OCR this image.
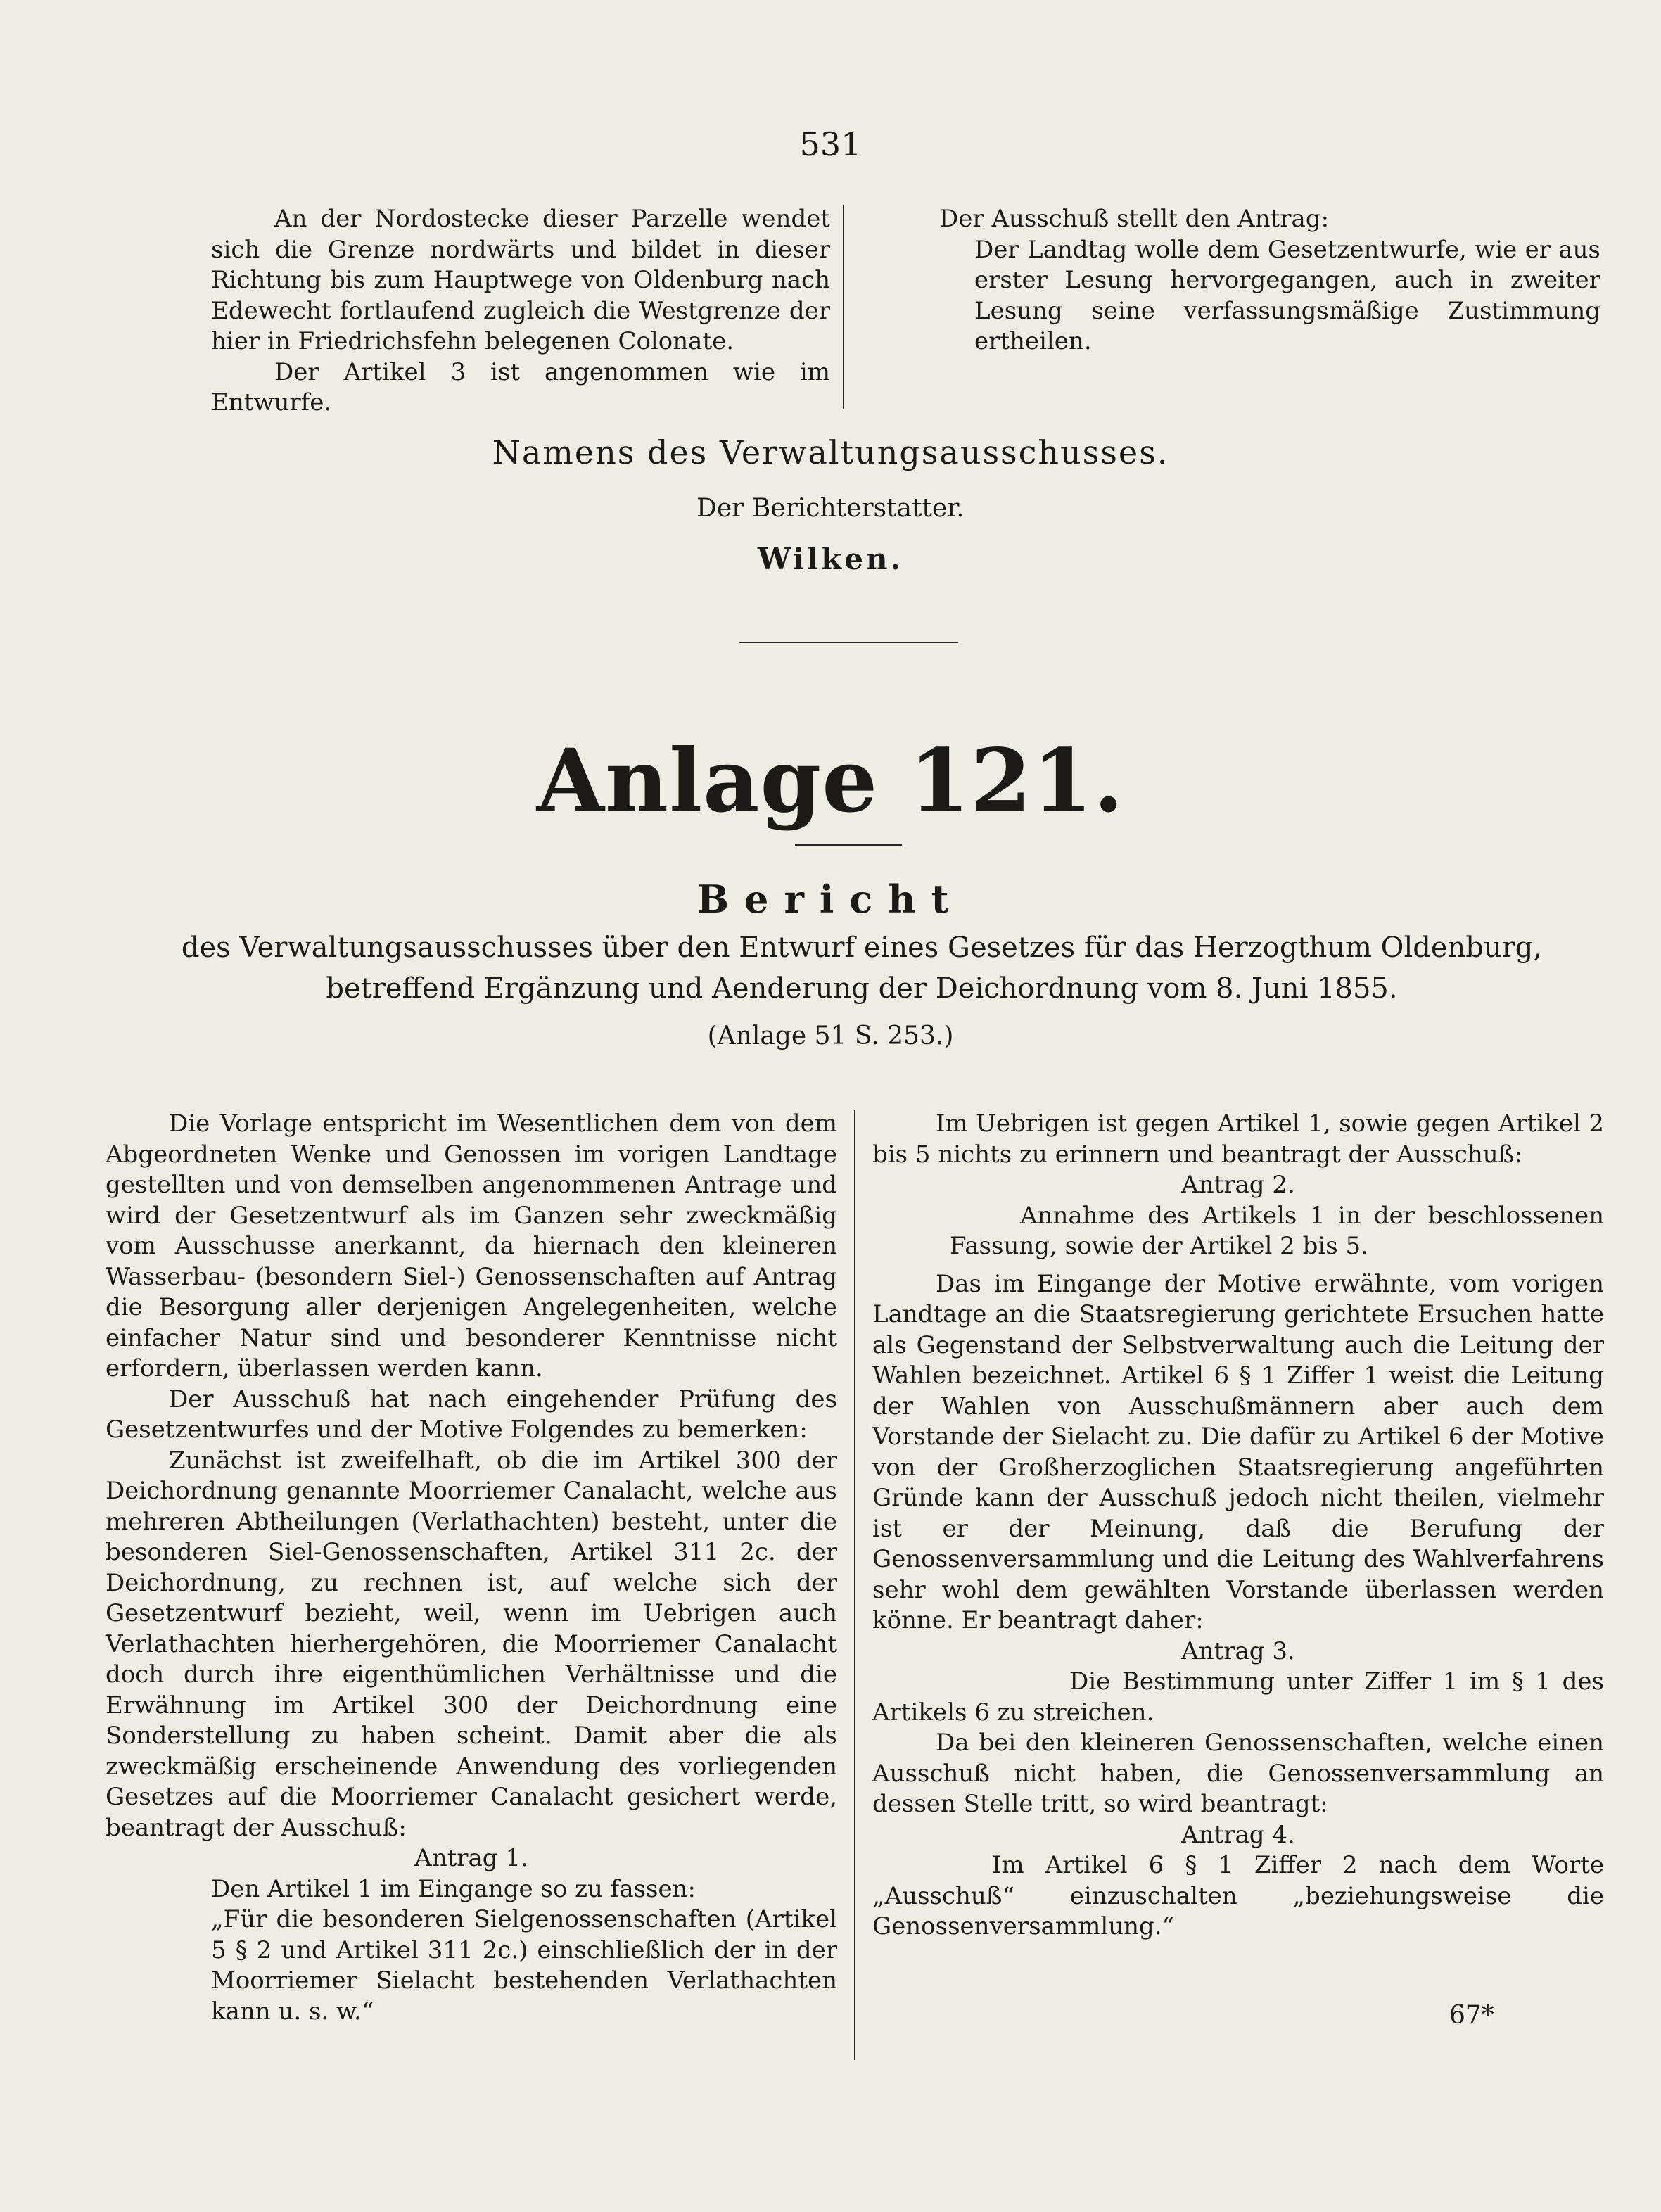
531

An der Nordostecke dieser Parzelle wendet sich die Grenze nordwärts und bildet in dieser Richtung bis zum Hauptwege von Oldenburg nach Edewecht fortlaufend zugleich die Westgrenze der hier in Friedrichsfehn belegenen Colonate.

Der Artikel 3 ist angenommen wie im Entwurfe.

Der Ausschuß stellt den Antrag:

Der Landtag wolle dem Gesetzentwurfe, wie er aus erster Lesung hervorgegangen, auch in zweiter Lesung seine verfassungsmäßige Zustimmung ertheilen.

Namens des Verwaltungsausschusses.
Der Berichterstatter.
Wilken.
Anlage 121.
Bericht
des Verwaltungsausschusses über den Entwurf eines Gesetzes für das Herzogthum Oldenburg, betreffend Ergänzung und Aenderung der Deichordnung vom 8. Juni 1855.
(Anlage 51 S. 253.)

Die Vorlage entspricht im Wesentlichen dem von dem Abgeordneten Wenke und Genossen im vorigen Landtage gestellten und von demselben angenommenen Antrage und wird der Gesetzentwurf als im Ganzen sehr zweckmäßig vom Ausschusse anerkannt, da hiernach den kleineren Wasserbau- (besondern Siel-) Genossenschaften auf Antrag die Besorgung aller derjenigen Angelegenheiten, welche einfacher Natur sind und besonderer Kenntnisse nicht erfordern, überlassen werden kann.

Der Ausschuß hat nach eingehender Prüfung des Gesetzentwurfes und der Motive Folgendes zu bemerken:

Zunächst ist zweifelhaft, ob die im Artikel 300 der Deichordnung genannte Moorriemer Canalacht, welche aus mehreren Abtheilungen (Verlathachten) besteht, unter die besonderen Siel-Genossenschaften, Artikel 311 2c. der Deichordnung, zu rechnen ist, auf welche sich der Gesetzentwurf bezieht, weil, wenn im Uebrigen auch Verlathachten hierhergehören, die Moorriemer Canalacht doch durch ihre eigenthümlichen Verhältnisse und die Erwähnung im Artikel 300 der Deichordnung eine Sonderstellung zu haben scheint. Damit aber die als zweckmäßig erscheinende Anwendung des vorliegenden Gesetzes auf die Moorriemer Canalacht gesichert werde, beantragt der Ausschuß:

Antrag 1.

Den Artikel 1 im Eingange so zu fassen:

„Für die besonderen Sielgenossenschaften (Artikel 5 § 2 und Artikel 311 2c.) einschließlich der in der Moorriemer Sielacht bestehenden Verlathachten kann u. s. w.“

Im Uebrigen ist gegen Artikel 1, sowie gegen Artikel 2 bis 5 nichts zu erinnern und beantragt der Ausschuß:

Antrag 2.

Annahme des Artikels 1 in der beschlossenen Fassung, sowie der Artikel 2 bis 5.

Das im Eingange der Motive erwähnte, vom vorigen Landtage an die Staatsregierung gerichtete Ersuchen hatte als Gegenstand der Selbstverwaltung auch die Leitung der Wahlen bezeichnet. Artikel 6 § 1 Ziffer 1 weist die Leitung der Wahlen von Ausschußmännern aber auch dem Vorstande der Sielacht zu. Die dafür zu Artikel 6 der Motive von der Großherzoglichen Staatsregierung angeführten Gründe kann der Ausschuß jedoch nicht theilen, vielmehr ist er der Meinung, daß die Berufung der Genossenversammlung und die Leitung des Wahlverfahrens sehr wohl dem gewählten Vorstande überlassen werden könne. Er beantragt daher:

Antrag 3.

Die Bestimmung unter Ziffer 1 im § 1 des Artikels 6 zu streichen.

Da bei den kleineren Genossenschaften, welche einen Ausschuß nicht haben, die Genossenversammlung an dessen Stelle tritt, so wird beantragt:

Antrag 4.

Im Artikel 6 § 1 Ziffer 2 nach dem Worte „Ausschuß“ einzuschalten „beziehungsweise die Genossenversammlung.“

67*
